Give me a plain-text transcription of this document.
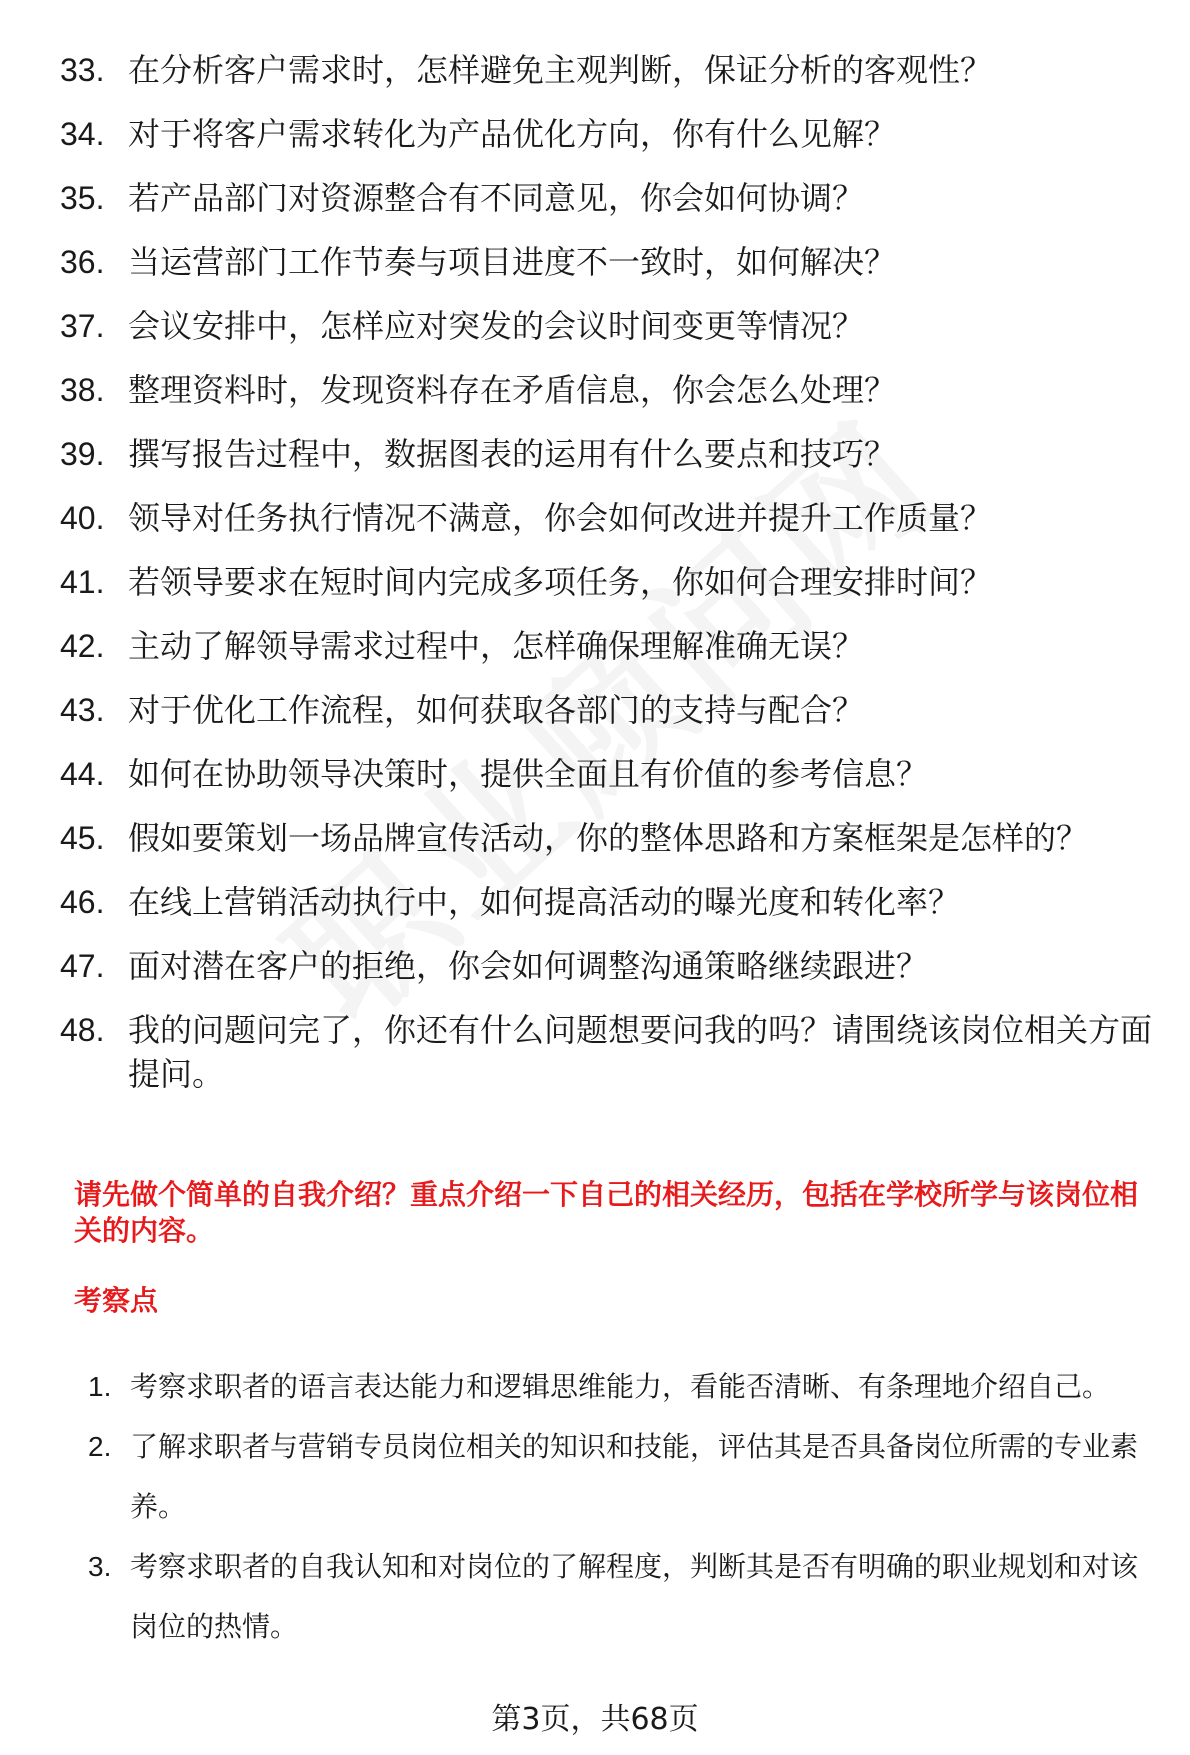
33. 在分析客户需求时，怎样避免主观判断，保证分析的客观性？
34. 对于将客户需求转化为产品优化方向，你有什么见解？
35. 若产品部门对资源整合有不同意见，你会如何协调？
36. 当运营部门工作节奏与项目进度不一致时，如何解决？
37. 会议安排中，怎样应对突发的会议时间变更等情况？
38. 整理资料时，发现资料存在矛盾信息，你会怎么处理？
39. 撰写报告过程中，数据图表的运用有什么要点和技巧？
40. 领导对任务执行情况不满意，你会如何改进并提升工作质量？
41. 若领导要求在短时间内完成多项任务，你如何合理安排时间？
42. 主动了解领导需求过程中，怎样确保理解准确无误？
43. 对于优化工作流程，如何获取各部门的支持与配合？
44. 如何在协助领导决策时，提供全面且有价值的参考信息？
45. 假如要策划一场品牌宣传活动，你的整体思路和方案框架是怎样的？
46. 在线上营销活动执行中，如何提高活动的曝光度和转化率？
47. 面对潜在客户的拒绝，你会如何调整沟通策略继续跟进？
48. 我的问题问完了，你还有什么问题想要问我的吗？请围绕该岗位相关方面提问。

请先做个简单的自我介绍？重点介绍一下自己的相关经历，包括在学校所学与该岗位相关的内容。

考察点

1. 考察求职者的语言表达能力和逻辑思维能力，看能否清晰、有条理地介绍自己。
2. 了解求职者与营销专员岗位相关的知识和技能，评估其是否具备岗位所需的专业素养。
3. 考察求职者的自我认知和对岗位的了解程度，判断其是否有明确的职业规划和对该岗位的热情。
第3页，共68页
